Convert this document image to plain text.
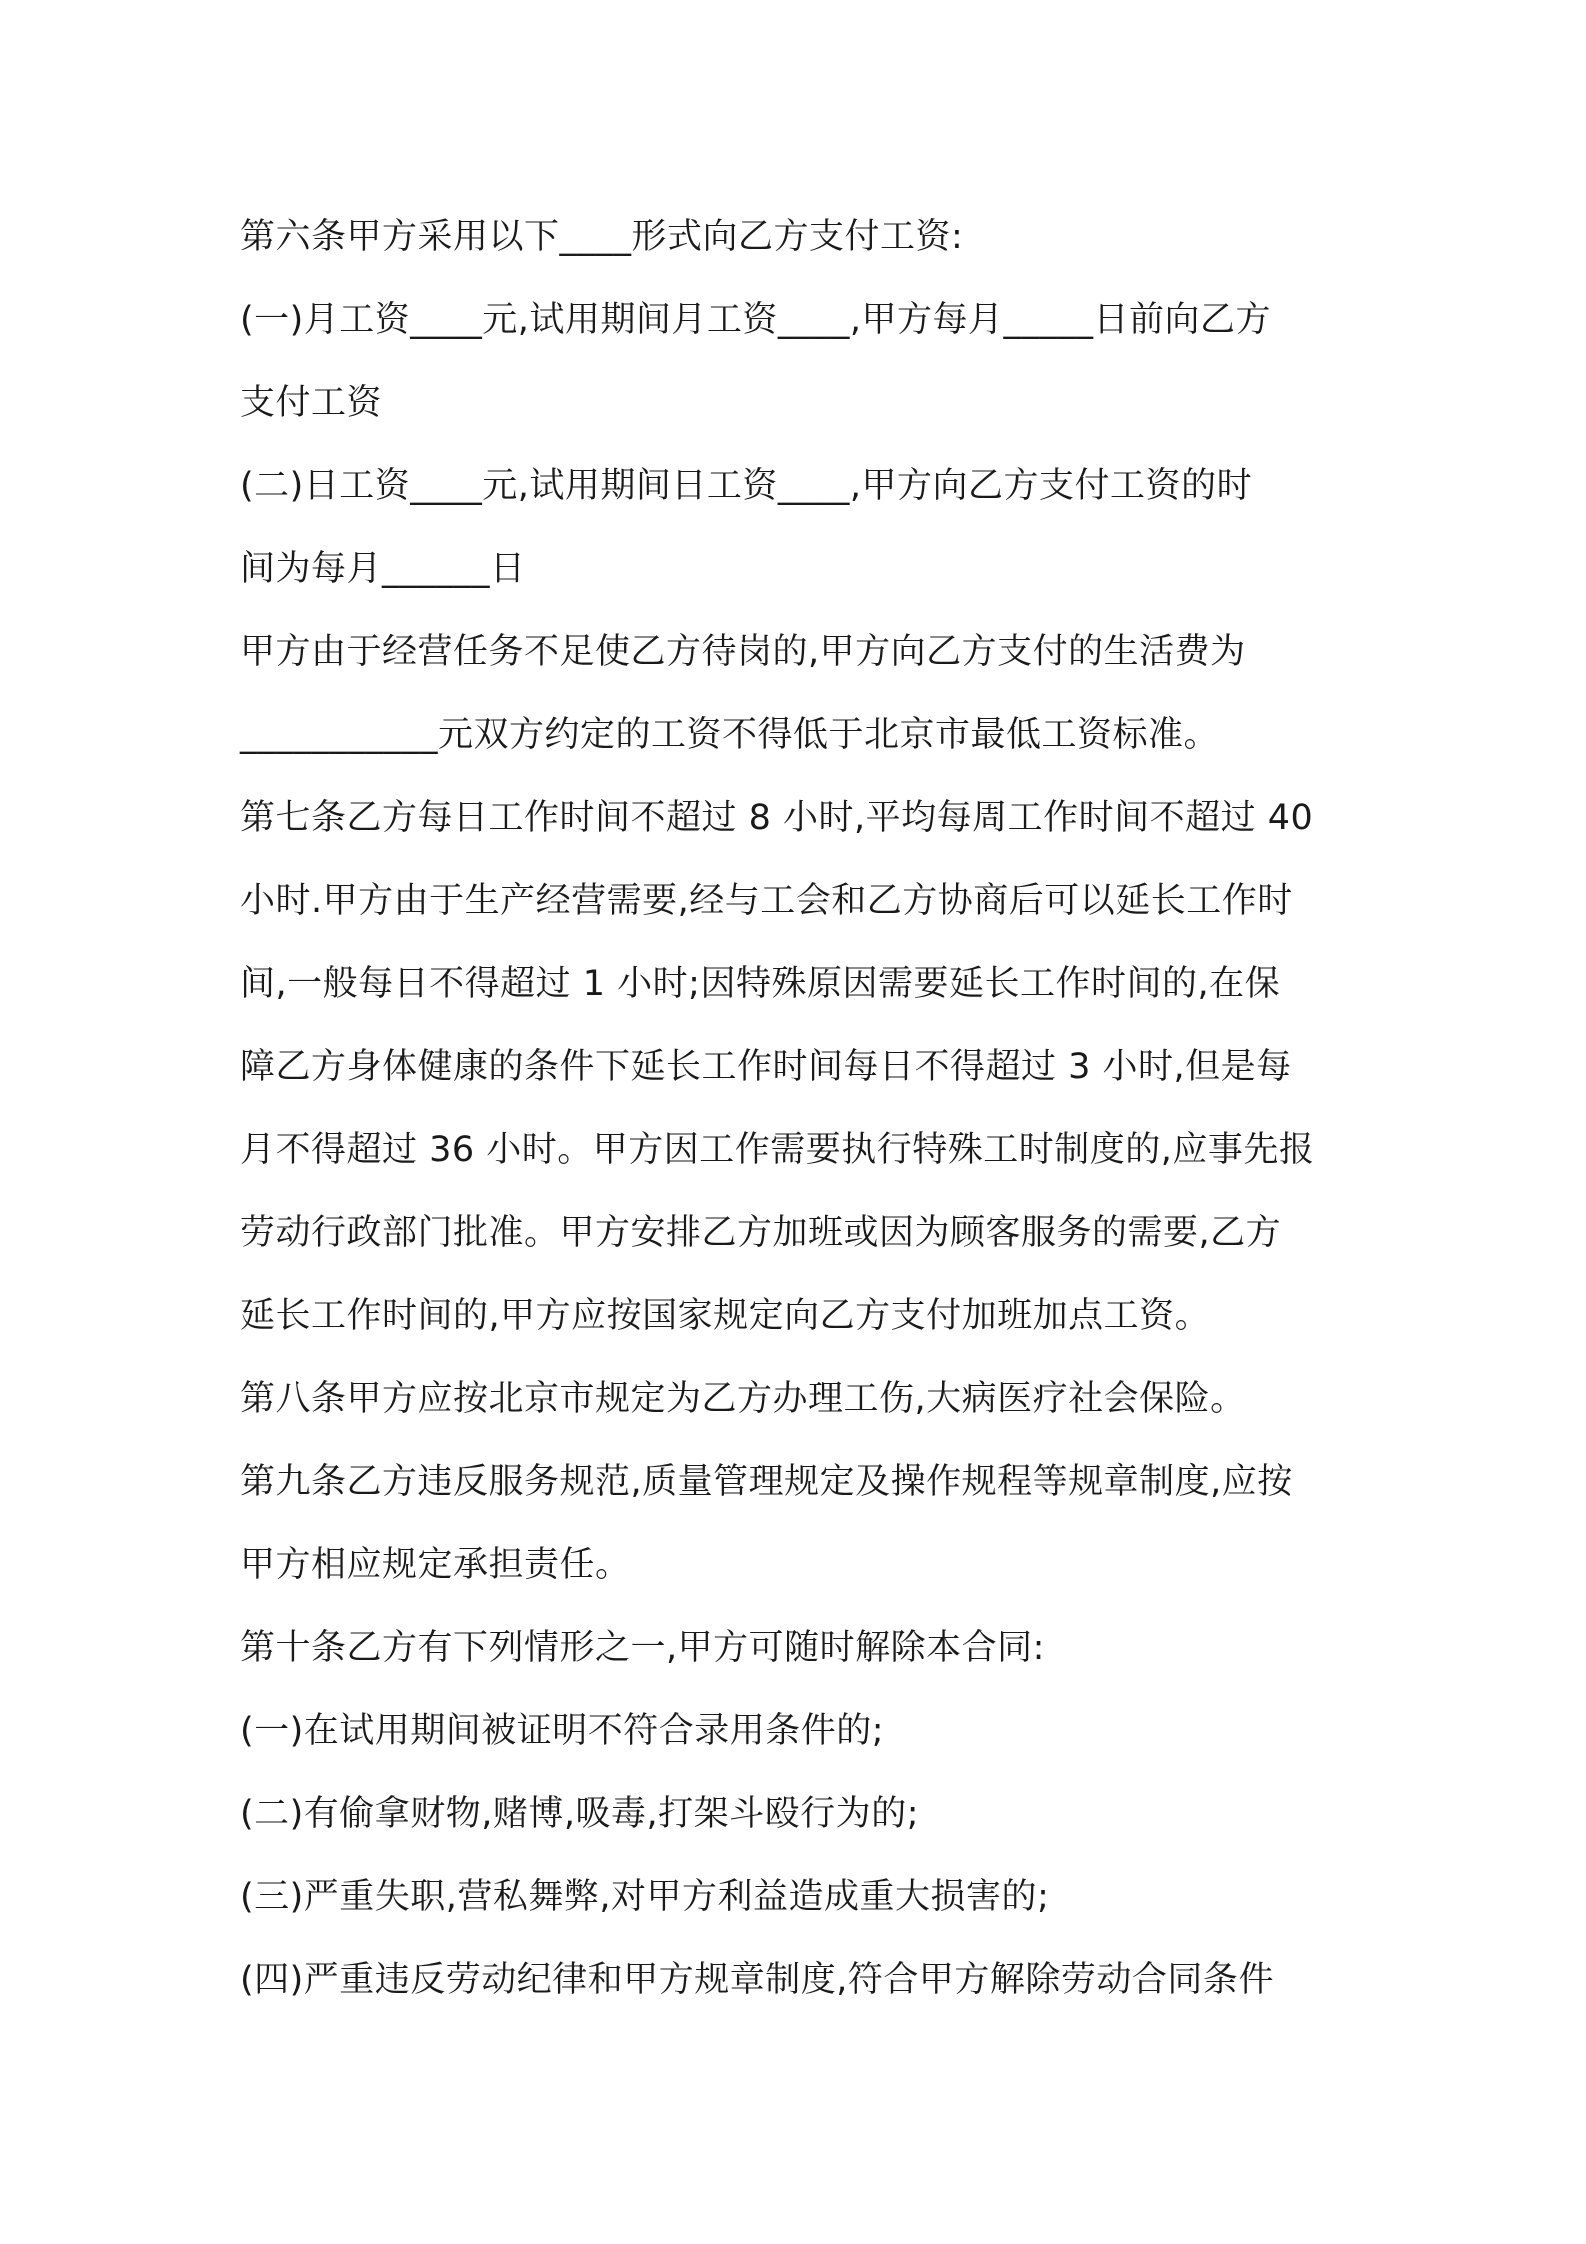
第六条甲方采用以下____形式向乙方支付工资:
(一)月工资____元,试用期间月工资____,甲方每月_____日前向乙方
支付工资
(二)日工资____元,试用期间日工资____,甲方向乙方支付工资的时
间为每月______日
甲方由于经营任务不足使乙方待岗的,甲方向乙方支付的生活费为
___________元双方约定的工资不得低于北京市最低工资标准。
第七条乙方每日工作时间不超过 8 小时,平均每周工作时间不超过 40
小时.甲方由于生产经营需要,经与工会和乙方协商后可以延长工作时
间,一般每日不得超过 1 小时;因特殊原因需要延长工作时间的,在保
障乙方身体健康的条件下延长工作时间每日不得超过 3 小时,但是每
月不得超过 36 小时。甲方因工作需要执行特殊工时制度的,应事先报
劳动行政部门批准。甲方安排乙方加班或因为顾客服务的需要,乙方
延长工作时间的,甲方应按国家规定向乙方支付加班加点工资。
第八条甲方应按北京市规定为乙方办理工伤,大病医疗社会保险。
第九条乙方违反服务规范,质量管理规定及操作规程等规章制度,应按
甲方相应规定承担责任。
第十条乙方有下列情形之一,甲方可随时解除本合同:
(一)在试用期间被证明不符合录用条件的;
(二)有偷拿财物,赌博,吸毒,打架斗殴行为的;
(三)严重失职,营私舞弊,对甲方利益造成重大损害的;
(四)严重违反劳动纪律和甲方规章制度,符合甲方解除劳动合同条件
